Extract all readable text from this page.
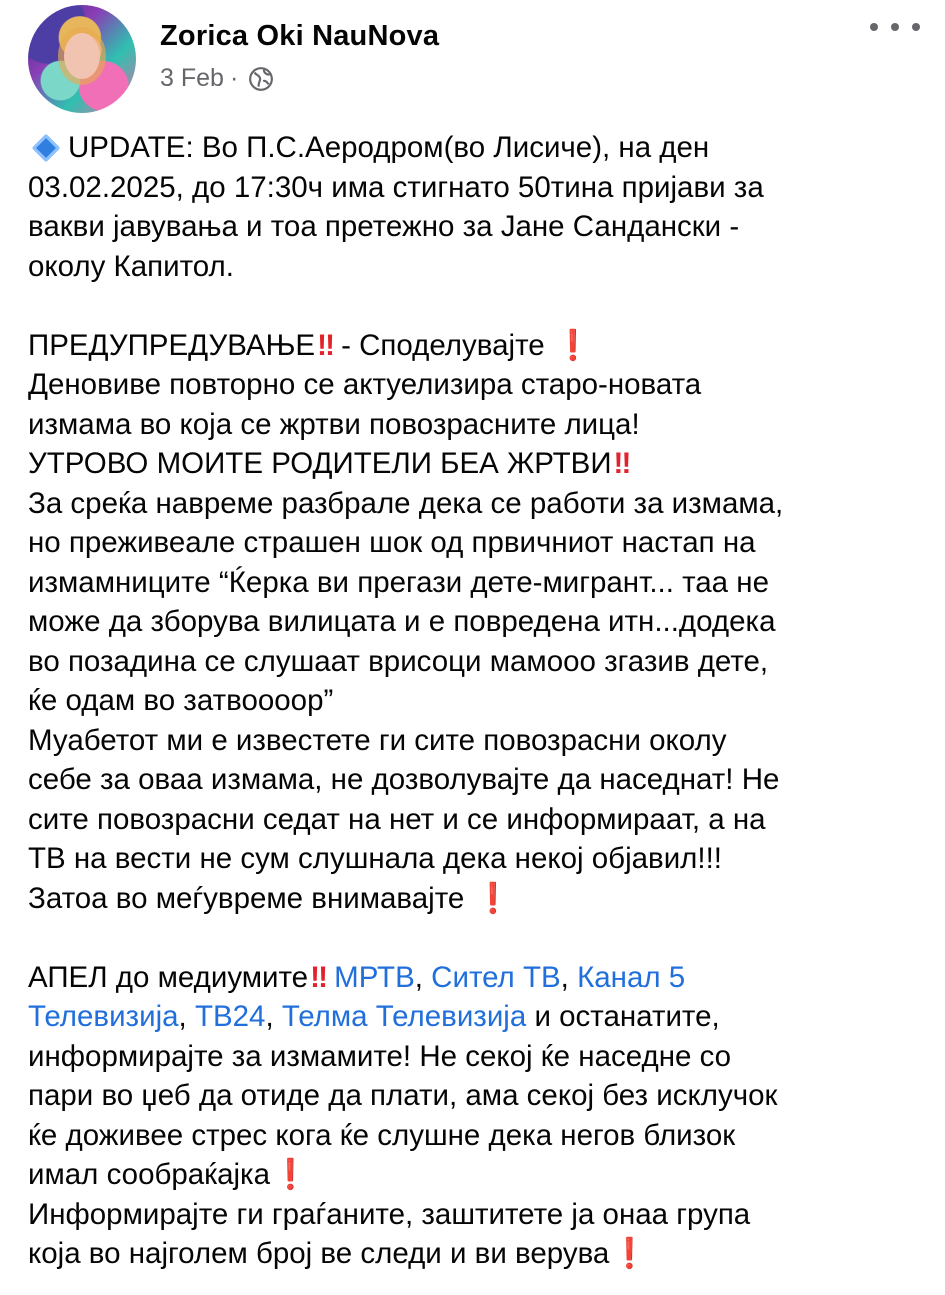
Zorica Oki NauNova
3 Feb ·
UPDATE: Во П.С.Аеродром(во Лисиче), на ден
03.02.2025, до 17:30ч има стигнато 50тина пријави за
вакви јавувања и тоа претежно за Јане Сандански -
околу Капитол.
ПРЕДУПРЕДУВАЊЕ‼ - Споделувајте ❗
Деновиве повторно се актуелизира старо-новата
измама во која се жртви повозрасните лица!
УТРОВО МОИТЕ РОДИТЕЛИ БЕА ЖРТВИ‼
За среќа навреме разбрале дека се работи за измама,
но преживеале страшен шок од првичниот настап на
измамниците “Ќерка ви прегази дете-мигрант... таа не
може да зборува вилицата и е повредена итн...додека
во позадина се слушаат врисоци мамооо згазив дете,
ќе одам во затвоооор”
Муабетот ми е известете ги сите повозрасни околу
себе за оваа измама, не дозволувајте да наседнат! Не
сите повозрасни седат на нет и се информираат, а на
ТВ на вести не сум слушнала дека некој објавил!!!
Затоа во меѓувреме внимавајте ❗
АПЕЛ до медиумите‼ МРТВ, Сител ТВ, Канал 5
Телевизија, ТВ24, Телма Телевизија и останатите,
информирајте за измамите! Не секој ќе наседне со
пари во џеб да отиде да плати, ама секој без исклучок
ќе доживее стрес кога ќе слушне дека негов близок
имал сообраќајка❗
Информирајте ги граѓаните, заштитете ја онаа група
која во најголем број ве следи и ви верува❗
